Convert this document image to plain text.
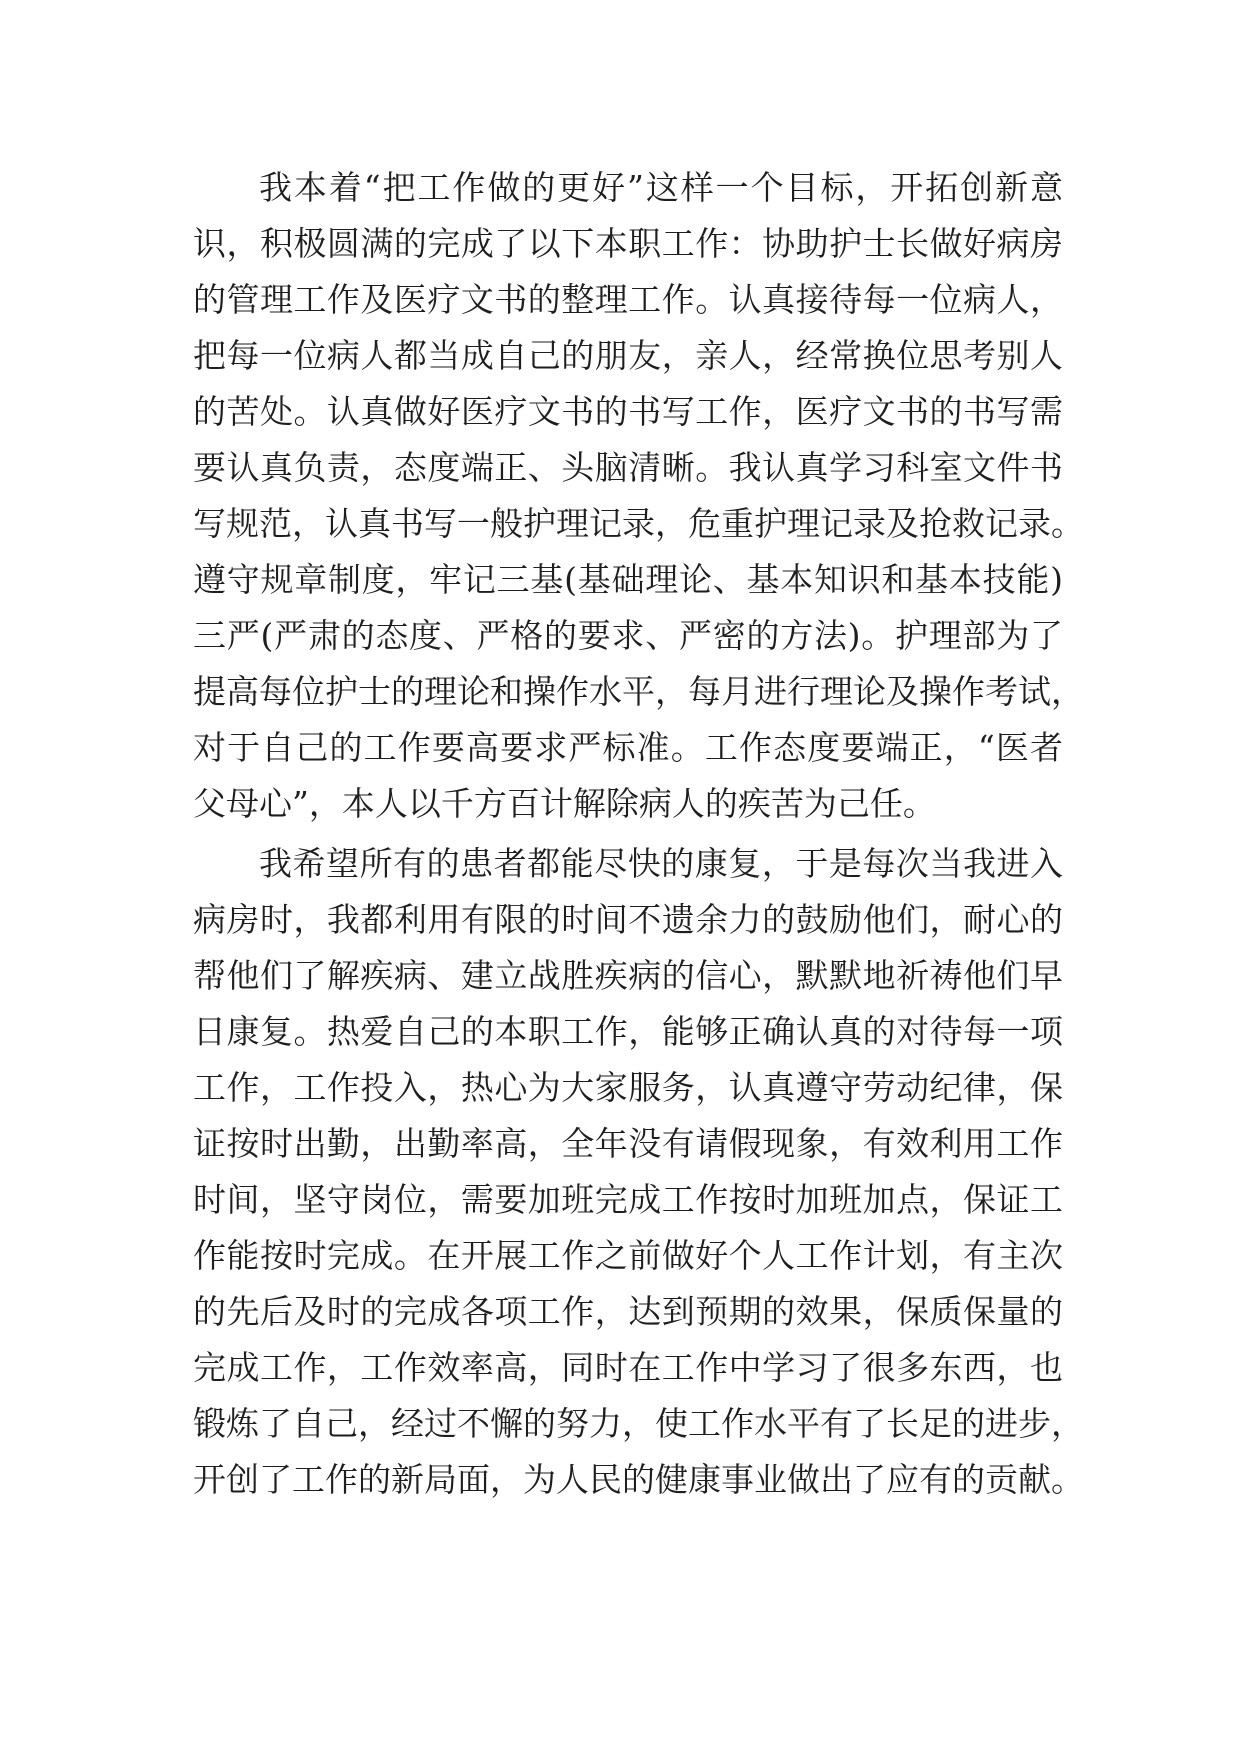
我本着“把工作做的更好”这样一个目标，开拓创新意
识，积极圆满的完成了以下本职工作：协助护士长做好病房
的管理工作及医疗文书的整理工作。认真接待每一位病人，
把每一位病人都当成自己的朋友，亲人，经常换位思考别人
的苦处。认真做好医疗文书的书写工作，医疗文书的书写需
要认真负责，态度端正、头脑清晰。我认真学习科室文件书
写规范，认真书写一般护理记录，危重护理记录及抢救记录。
遵守规章制度，牢记三基(基础理论、基本知识和基本技能)
三严(严肃的态度、严格的要求、严密的方法)。护理部为了
提高每位护士的理论和操作水平，每月进行理论及操作考试，
对于自己的工作要高要求严标准。工作态度要端正，“医者
父母心”，本人以千方百计解除病人的疾苦为己任。
我希望所有的患者都能尽快的康复，于是每次当我进入
病房时，我都利用有限的时间不遗余力的鼓励他们，耐心的
帮他们了解疾病、建立战胜疾病的信心，默默地祈祷他们早
日康复。热爱自己的本职工作，能够正确认真的对待每一项
工作，工作投入，热心为大家服务，认真遵守劳动纪律，保
证按时出勤，出勤率高，全年没有请假现象，有效利用工作
时间，坚守岗位，需要加班完成工作按时加班加点，保证工
作能按时完成。在开展工作之前做好个人工作计划，有主次
的先后及时的完成各项工作，达到预期的效果，保质保量的
完成工作，工作效率高，同时在工作中学习了很多东西，也
锻炼了自己，经过不懈的努力，使工作水平有了长足的进步，
开创了工作的新局面，为人民的健康事业做出了应有的贡献。
